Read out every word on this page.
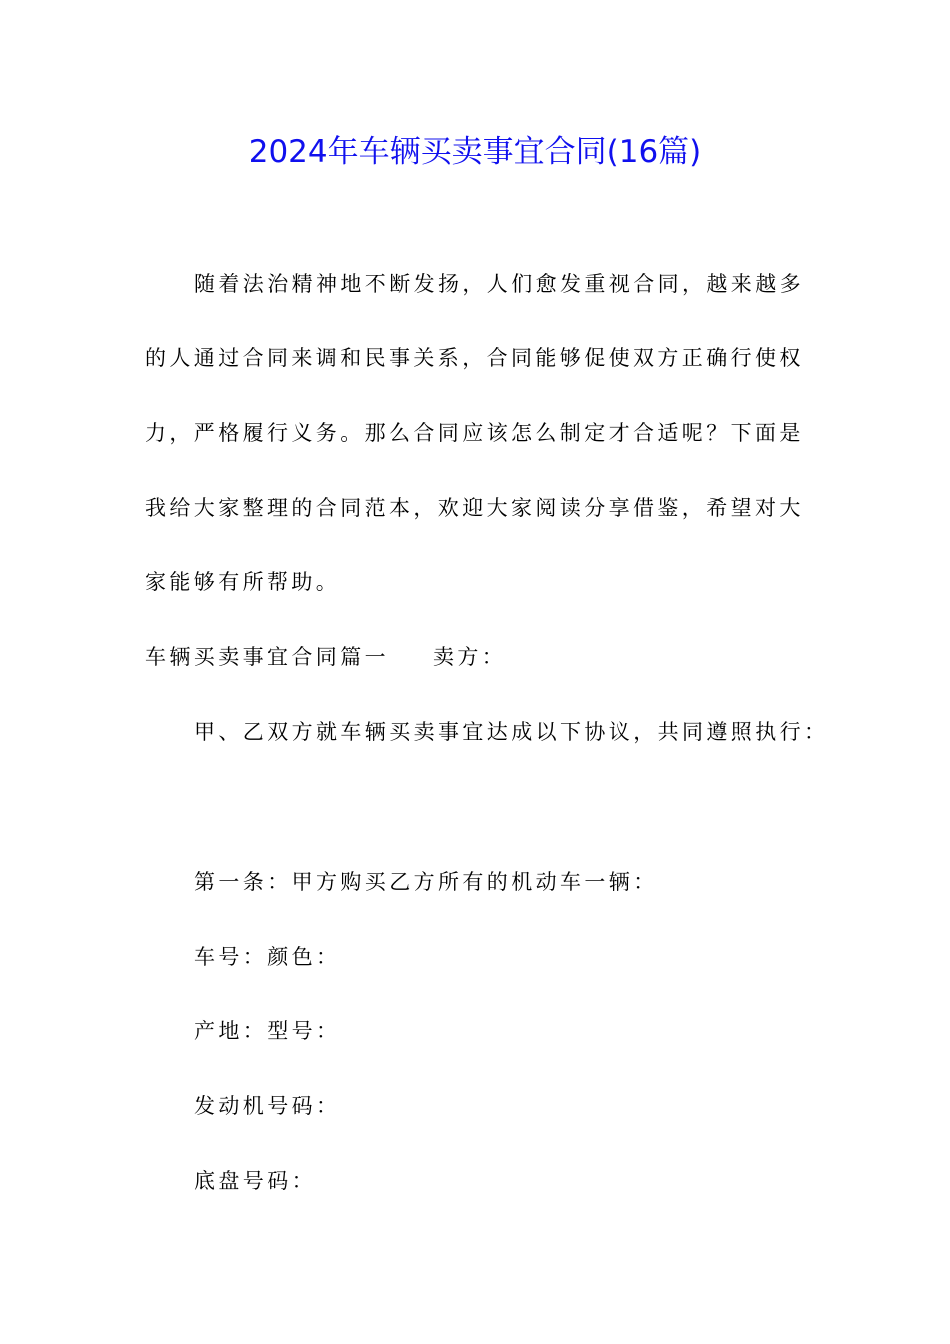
2024年车辆买卖事宜合同(16篇)
随着法治精神地不断发扬，人们愈发重视合同，越来越多
的人通过合同来调和民事关系，合同能够促使双方正确行使权
力，严格履行义务。那么合同应该怎么制定才合适呢？下面是
我给大家整理的合同范本，欢迎大家阅读分享借鉴，希望对大
家能够有所帮助。
车辆买卖事宜合同篇一 卖方：
甲、乙双方就车辆买卖事宜达成以下协议，共同遵照执行：
第一条：甲方购买乙方所有的机动车一辆：
车号：颜色：
产地：型号：
发动机号码：
底盘号码：
